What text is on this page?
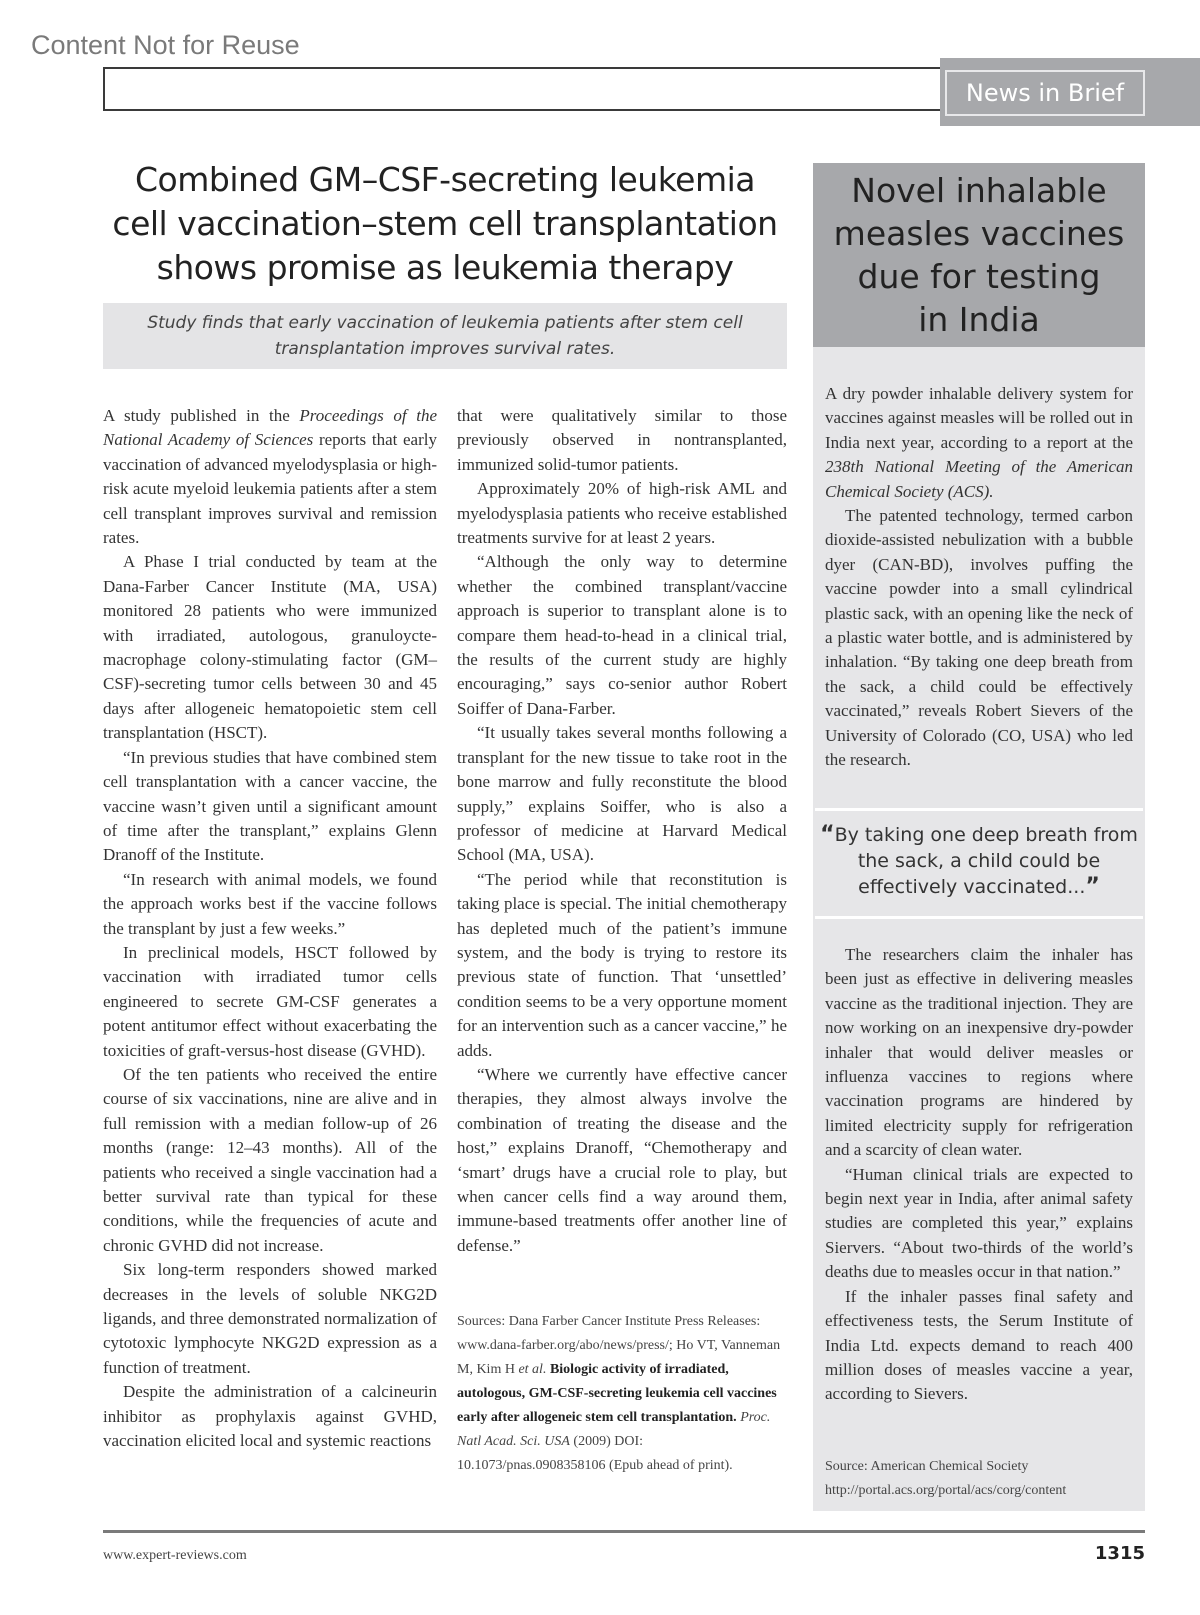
Content Not for Reuse
News in Brief
Combined GM–CSF-secreting leukemia
cell vaccination–stem cell transplantation
shows promise as leukemia therapy
Study finds that early vaccination of leukemia patients after stem cell
transplantation improves survival rates.

A study published in the Proceedings of the National Academy of Sciences reports that early vaccination of advanced myelodysplasia or high-risk acute myeloid leukemia patients after a stem cell transplant improves survival and remission rates.

A Phase I trial conducted by team at the Dana-Farber Cancer Institute (MA, USA) monitored 28 patients who were immunized with irradiated, autologous, granuloycte-macrophage colony-stimulating factor (GM–CSF)-secreting tumor cells between 30 and 45 days after allogeneic hematopoietic stem cell transplantation (HSCT).

“In previous studies that have combined stem cell transplantation with a cancer vaccine, the vaccine wasn’t given until a significant amount of time after the transplant,” explains Glenn Dranoff of the Institute.

“In research with animal models, we found the approach works best if the vaccine follows the transplant by just a few weeks.”

In preclinical models, HSCT followed by vaccination with irradiated tumor cells engineered to secrete GM-CSF generates a potent antitumor effect without exacerbating the toxicities of graft-versus-host disease (GVHD).

Of the ten patients who received the entire course of six vaccinations, nine are alive and in full remission with a median follow-up of 26 months (range: 12–43 months). All of the patients who received a single vaccination had a better survival rate than typical for these conditions, while the frequencies of acute and chronic GVHD did not increase.

Six long-term responders showed marked decreases in the levels of soluble NKG2D ligands, and three demonstrated normalization of cytotoxic lymphocyte NKG2D expression as a function of treatment.

Despite the administration of a calcineurin inhibitor as prophylaxis against GVHD, vaccination elicited local and systemic reactions

that were qualitatively similar to those previously observed in nontransplanted, immunized solid-tumor patients.

Approximately 20% of high-risk AML and myelodysplasia patients who receive established treatments survive for at least 2 years.

“Although the only way to determine whether the combined transplant/vaccine approach is superior to transplant alone is to compare them head-to-head in a clinical trial, the results of the current study are highly encouraging,” says co-senior author Robert Soiffer of Dana-Farber.

“It usually takes several months following a transplant for the new tissue to take root in the bone marrow and fully reconstitute the blood supply,” explains Soiffer, who is also a professor of medicine at Harvard Medical School (MA, USA).

“The period while that reconstitution is taking place is special. The initial chemotherapy has depleted much of the patient’s immune system, and the body is trying to restore its previous state of function. That ‘unsettled’ condition seems to be a very opportune moment for an intervention such as a cancer vaccine,” he adds.

“Where we currently have effective cancer therapies, they almost always involve the combination of treating the disease and the host,” explains Dranoff, “Chemotherapy and ‘smart’ drugs have a crucial role to play, but when cancer cells find a way around them, immune-based treatments offer another line of defense.”

Sources: Dana Farber Cancer Institute Press Releases: www.dana-farber.org/abo/news/press/; Ho VT, Vanneman M, Kim H et al. Biologic activity of irradiated, autologous, GM-CSF-secreting leukemia cell vaccines early after allogeneic stem cell transplantation. Proc. Natl Acad. Sci. USA (2009) DOI: 10.1073/pnas.0908358106 (Epub ahead of print).
Novel inhalable
measles vaccines
due for testing
in India

A dry powder inhalable delivery system for vaccines against measles will be rolled out in India next year, according to a report at the 238th National Meeting of the American Chemical Society (ACS).

The patented technology, termed carbon dioxide-assisted nebulization with a bubble dyer (CAN-BD), involves puffing the vaccine powder into a small cylindrical plastic sack, with an opening like the neck of a plastic water bottle, and is administered by inhalation. “By taking one deep breath from the sack, a child could be effectively vaccinated,” reveals Robert Sievers of the University of Colorado (CO, USA) who led the research.

“By taking one deep breath from the sack, a child could be effectively vaccinated...”

The researchers claim the inhaler has been just as effective in delivering measles vaccine as the traditional injection. They are now working on an inexpensive dry-powder inhaler that would deliver measles or influenza vaccines to regions where vaccination programs are hindered by limited electricity supply for refrigeration and a scarcity of clean water.

“Human clinical trials are expected to begin next year in India, after animal safety studies are completed this year,” explains Siervers. “About two-thirds of the world’s deaths due to measles occur in that nation.”

If the inhaler passes final safety and effectiveness tests, the Serum Institute of India Ltd. expects demand to reach 400 million doses of measles vaccine a year, according to Sievers.

Source: American Chemical Society
http://portal.acs.org/portal/acs/corg/content
www.expert-reviews.com	1315
